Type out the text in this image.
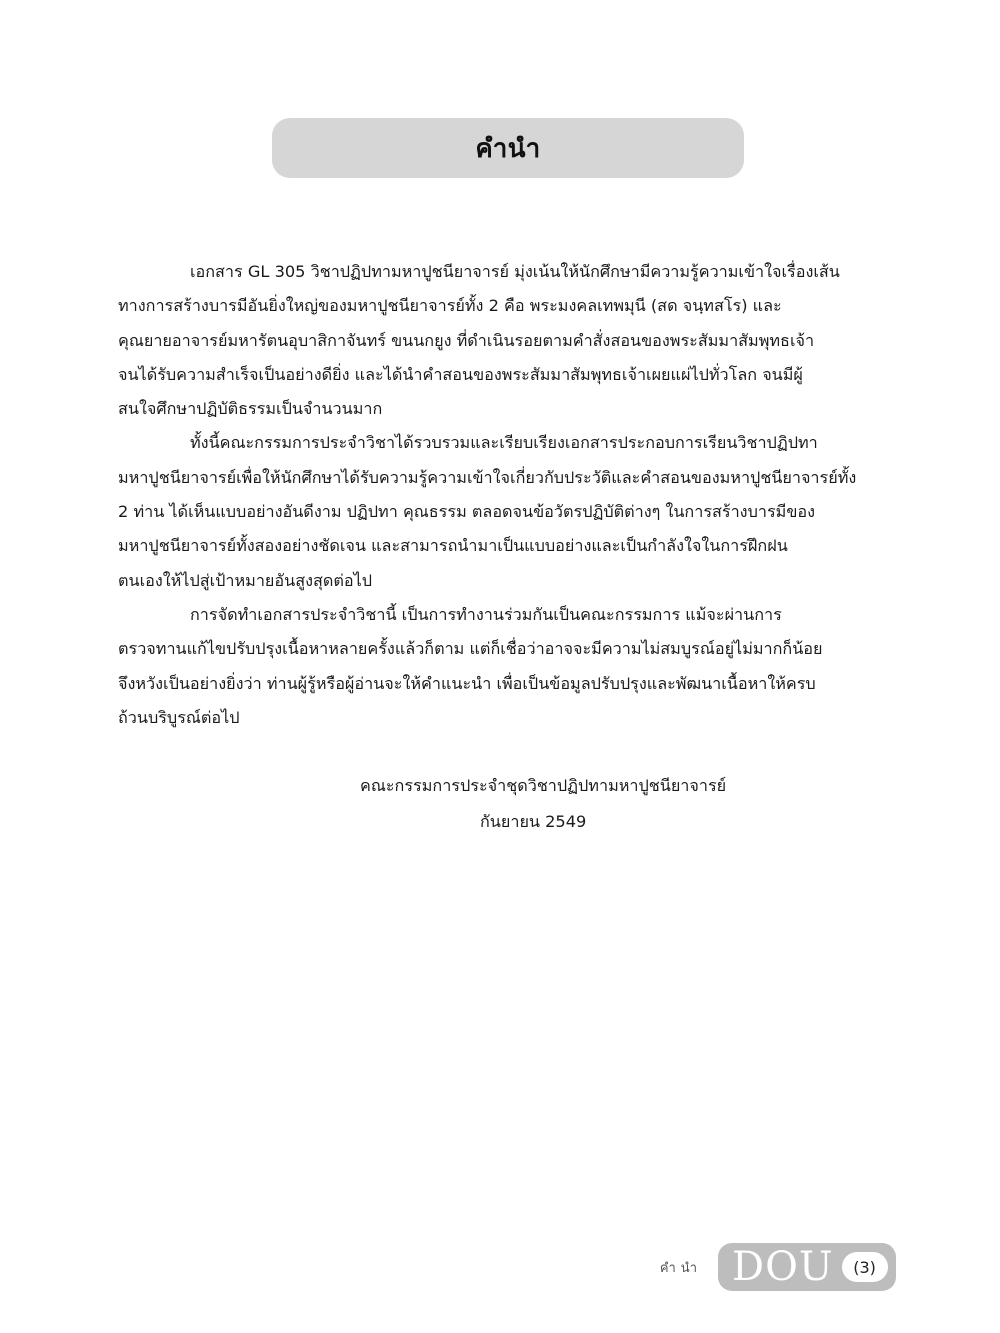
คำนำ

เอกสาร GL 305 วิชาปฏิปทามหาปูชนียาจารย์ มุ่งเน้นให้นักศึกษามีความรู้ความเข้าใจเรื่องเส้น
ทางการสร้างบารมีอันยิ่งใหญ่ของมหาปูชนียาจารย์ทั้ง 2 คือ พระมงคลเทพมุนี (สด จนฺทสโร) และ
คุณยายอาจารย์มหารัตนอุบาสิกาจันทร์ ขนนกยูง ที่ดำเนินรอยตามคำสั่งสอนของพระสัมมาสัมพุทธเจ้า
จนได้รับความสำเร็จเป็นอย่างดียิ่ง และได้นำคำสอนของพระสัมมาสัมพุทธเจ้าเผยแผ่ไปทั่วโลก จนมีผู้
สนใจศึกษาปฏิบัติธรรมเป็นจำนวนมาก

ทั้งนี้คณะกรรมการประจำวิชาได้รวบรวมและเรียบเรียงเอกสารประกอบการเรียนวิชาปฏิปทา
มหาปูชนียาจารย์เพื่อให้นักศึกษาได้รับความรู้ความเข้าใจเกี่ยวกับประวัติและคำสอนของมหาปูชนียาจารย์ทั้ง
2 ท่าน ได้เห็นแบบอย่างอันดีงาม ปฏิปทา คุณธรรม ตลอดจนข้อวัตรปฏิบัติต่างๆ ในการสร้างบารมีของ
มหาปูชนียาจารย์ทั้งสองอย่างชัดเจน และสามารถนำมาเป็นแบบอย่างและเป็นกำลังใจในการฝึกฝน
ตนเองให้ไปสู่เป้าหมายอันสูงสุดต่อไป

การจัดทำเอกสารประจำวิชานี้ เป็นการทำงานร่วมกันเป็นคณะกรรมการ แม้จะผ่านการ
ตรวจทานแก้ไขปรับปรุงเนื้อหาหลายครั้งแล้วก็ตาม แต่ก็เชื่อว่าอาจจะมีความไม่สมบูรณ์อยู่ไม่มากก็น้อย
จึงหวังเป็นอย่างยิ่งว่า ท่านผู้รู้หรือผู้อ่านจะให้คำแนะนำ เพื่อเป็นข้อมูลปรับปรุงและพัฒนาเนื้อหาให้ครบ
ถ้วนบริบูรณ์ต่อไป

คณะกรรมการประจำชุดวิชาปฏิปทามหาปูชนียาจารย์
กันยายน 2549
คำนำ DOU	(3)
